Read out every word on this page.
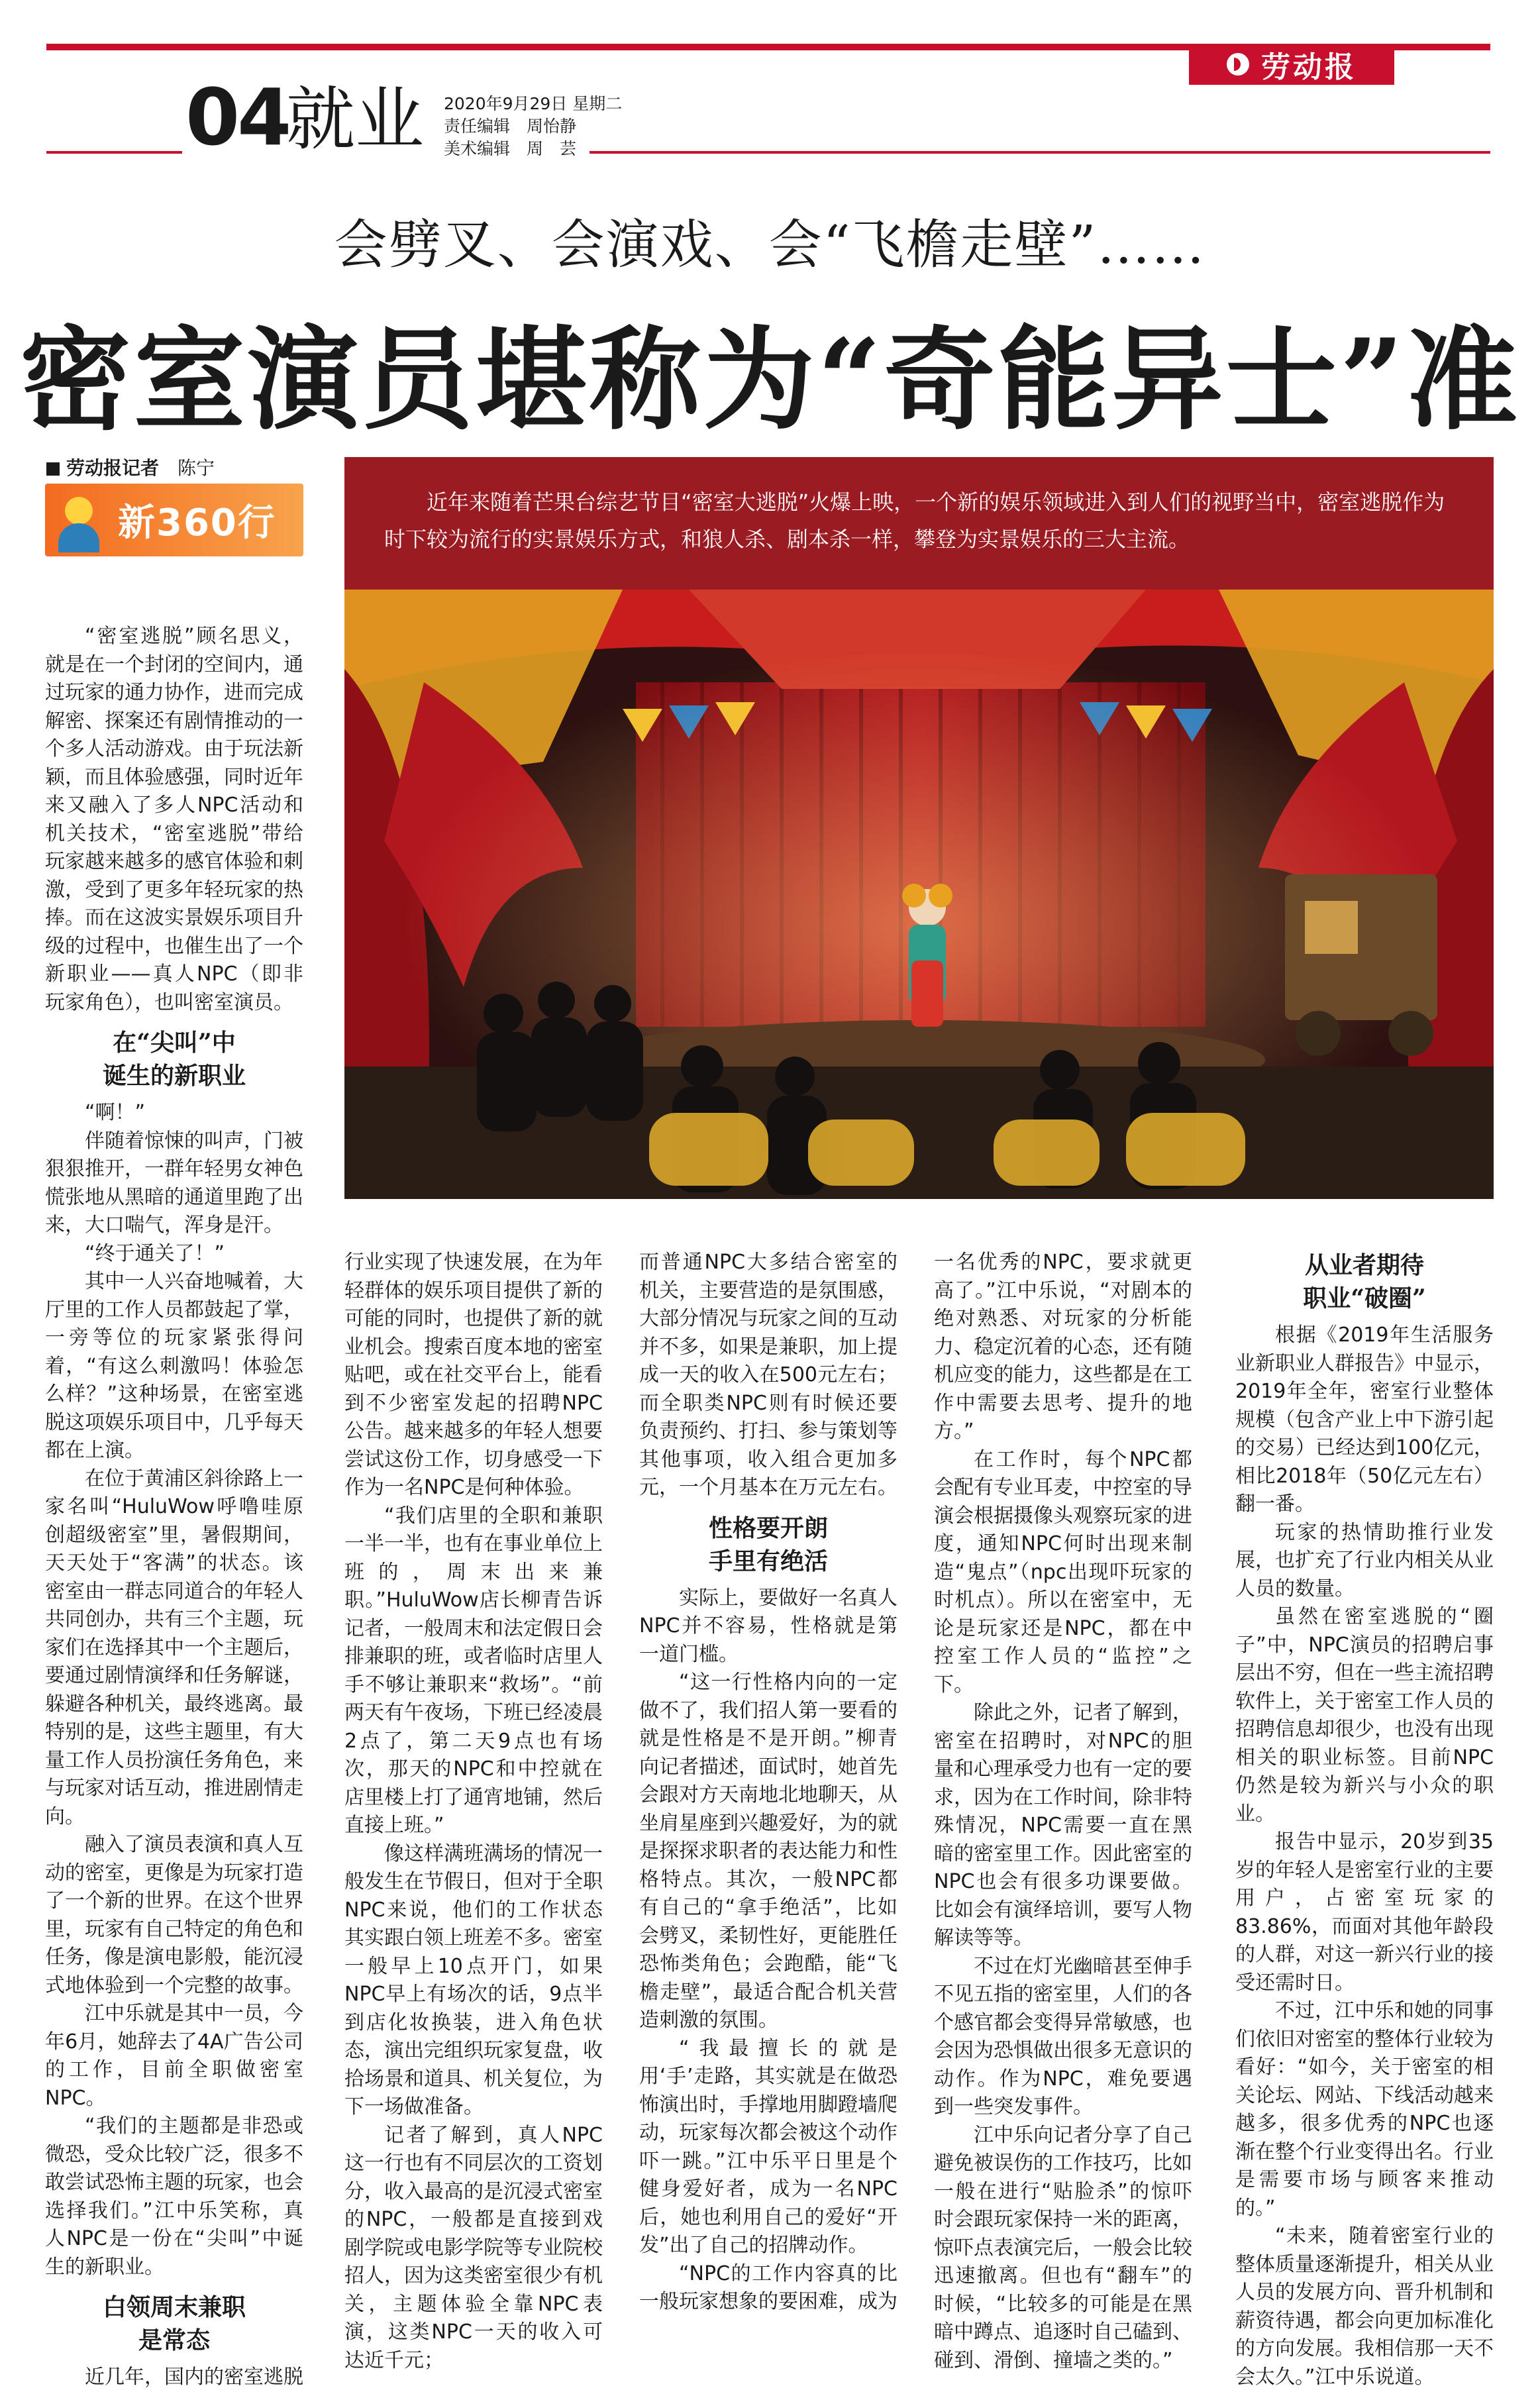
劳动报
04
就业 2020年9月29日 星期二
责任编辑　周怡静
美术编辑　周　芸
会劈叉、会演戏、会“飞檐走壁”……
密室演员堪称为“奇能异士”准
劳动报记者　 陈宁
新360行	近年来随着芒果台综艺节目“密室大逃脱”火爆上映，一个新的娱乐领域进入到人们的视野当中，密室逃脱作为时下较为流行的实景娱乐方式，和狼人杀、剧本杀一样，攀登为实景娱乐的三大主流。

“密室逃脱”顾名思义，就是在一个封闭的空间内，通过玩家的通力协作，进而完成解密、探案还有剧情推动的一个多人活动游戏。由于玩法新颖，而且体验感强，同时近年来又融入了多人NPC活动和机关技术，“密室逃脱”带给玩家越来越多的感官体验和刺激，受到了更多年轻玩家的热捧。而在这波实景娱乐项目升级的过程中，也催生出了一个新职业——真人NPC（即非玩家角色），也叫密室演员。

在“尖叫”中
诞生的新职业

“啊！”

伴随着惊悚的叫声，门被狠狠推开，一群年轻男女神色慌张地从黑暗的通道里跑了出来，大口喘气，浑身是汗。

“终于通关了！”

其中一人兴奋地喊着，大厅里的工作人员都鼓起了掌，一旁等位的玩家紧张得问着，“有这么刺激吗！体验怎么样？”这种场景，在密室逃脱这项娱乐项目中，几乎每天都在上演。

在位于黄浦区斜徐路上一家名叫“HuluWow呼噜哇原创超级密室”里，暑假期间，天天处于“客满”的状态。该密室由一群志同道合的年轻人共同创办，共有三个主题，玩家们在选择其中一个主题后，要通过剧情演绎和任务解谜，躲避各种机关，最终逃离。最特别的是，这些主题里，有大量工作人员扮演任务角色，来与玩家对话互动，推进剧情走向。

融入了演员表演和真人互动的密室，更像是为玩家打造了一个新的世界。在这个世界里，玩家有自己特定的角色和任务，像是演电影般，能沉浸式地体验到一个完整的故事。

江中乐就是其中一员，今年6月，她辞去了4A广告公司的工作，目前全职做密室NPC。

“我们的主题都是非恐或微恐，受众比较广泛，很多不敢尝试恐怖主题的玩家，也会选择我们。”江中乐笑称，真人NPC是一份在“尖叫”中诞生的新职业。

白领周末兼职
是常态

近几年，国内的密室逃脱

行业实现了快速发展，在为年轻群体的娱乐项目提供了新的可能的同时，也提供了新的就业机会。搜索百度本地的密室贴吧，或在社交平台上，能看到不少密室发起的招聘NPC公告。越来越多的年轻人想要尝试这份工作，切身感受一下作为一名NPC是何种体验。

“我们店里的全职和兼职一半一半，也有在事业单位上班的，周末出来兼职。”HuluWow店长柳青告诉记者，一般周末和法定假日会排兼职的班，或者临时店里人手不够让兼职来“救场”。“前两天有午夜场，下班已经凌晨2点了，第二天9点也有场次，那天的NPC和中控就在店里楼上打了通宵地铺，然后直接上班。”

像这样满班满场的情况一般发生在节假日，但对于全职NPC来说，他们的工作状态其实跟白领上班差不多。密室一般早上10点开门，如果NPC早上有场次的话，9点半到店化妆换装，进入角色状态，演出完组织玩家复盘，收拾场景和道具、机关复位，为下一场做准备。

记者了解到，真人NPC这一行也有不同层次的工资划分，收入最高的是沉浸式密室的NPC，一般都是直接到戏剧学院或电影学院等专业院校招人，因为这类密室很少有机关，主题体验全靠NPC表演，这类NPC一天的收入可达近千元；

而普通NPC大多结合密室的机关，主要营造的是氛围感，大部分情况与玩家之间的互动并不多，如果是兼职，加上提成一天的收入在500元左右；而全职类NPC则有时候还要负责预约、打扫、参与策划等其他事项，收入组合更加多元，一个月基本在万元左右。

性格要开朗
手里有绝活

实际上，要做好一名真人NPC并不容易，性格就是第一道门槛。

“这一行性格内向的一定做不了，我们招人第一要看的就是性格是不是开朗。”柳青向记者描述，面试时，她首先会跟对方天南地北地聊天，从坐肩星座到兴趣爱好，为的就是探探求职者的表达能力和性格特点。其次，一般NPC都有自己的“拿手绝活”，比如会劈叉，柔韧性好，更能胜任恐怖类角色；会跑酷，能“飞檐走壁”，最适合配合机关营造刺激的氛围。

“我最擅长的就是用‘手’走路，其实就是在做恐怖演出时，手撑地用脚蹬墙爬动，玩家每次都会被这个动作吓一跳。”江中乐平日里是个健身爱好者，成为一名NPC后，她也利用自己的爱好“开发”出了自己的招牌动作。

“NPC的工作内容真的比一般玩家想象的要困难，成为

一名优秀的NPC，要求就更高了。”江中乐说，“对剧本的绝对熟悉、对玩家的分析能力、稳定沉着的心态，还有随机应变的能力，这些都是在工作中需要去思考、提升的地方。”

在工作时，每个NPC都会配有专业耳麦，中控室的导演会根据摄像头观察玩家的进度，通知NPC何时出现来制造“鬼点”（npc出现吓玩家的时机点）。所以在密室中，无论是玩家还是NPC，都在中控室工作人员的“监控”之下。

除此之外，记者了解到，密室在招聘时，对NPC的胆量和心理承受力也有一定的要求，因为在工作时间，除非特殊情况，NPC需要一直在黑暗的密室里工作。因此密室的NPC也会有很多功课要做。比如会有演绎培训，要写人物解读等等。

不过在灯光幽暗甚至伸手不见五指的密室里，人们的各个感官都会变得异常敏感，也会因为恐惧做出很多无意识的动作。作为NPC，难免要遇到一些突发事件。

江中乐向记者分享了自己避免被误伤的工作技巧，比如一般在进行“贴脸杀”的惊吓时会跟玩家保持一米的距离，惊吓点表演完后，一般会比较迅速撤离。但也有“翻车”的时候，“比较多的可能是在黑暗中蹲点、追逐时自己磕到、碰到、滑倒、撞墙之类的。”

从业者期待
职业“破圈”

根据《2019年生活服务业新职业人群报告》中显示，2019年全年，密室行业整体规模（包含产业上中下游引起的交易）已经达到100亿元，相比2018年（50亿元左右）翻一番。

玩家的热情助推行业发展，也扩充了行业内相关从业人员的数量。

虽然在密室逃脱的“圈子”中，NPC演员的招聘启事层出不穷，但在一些主流招聘软件上，关于密室工作人员的招聘信息却很少，也没有出现相关的职业标签。目前NPC仍然是较为新兴与小众的职业。

报告中显示，20岁到35岁的年轻人是密室行业的主要用户，占密室玩家的83.86%，而面对其他年龄段的人群，对这一新兴行业的接受还需时日。

不过，江中乐和她的同事们依旧对密室的整体行业较为看好：“如今，关于密室的相关论坛、网站、下线活动越来越多，很多优秀的NPC也逐渐在整个行业变得出名。行业是需要市场与顾客来推动的。”

“未来，随着密室行业的整体质量逐渐提升，相关从业人员的发展方向、晋升机制和薪资待遇，都会向更加标准化的方向发展。我相信那一天不会太久。”江中乐说道。
